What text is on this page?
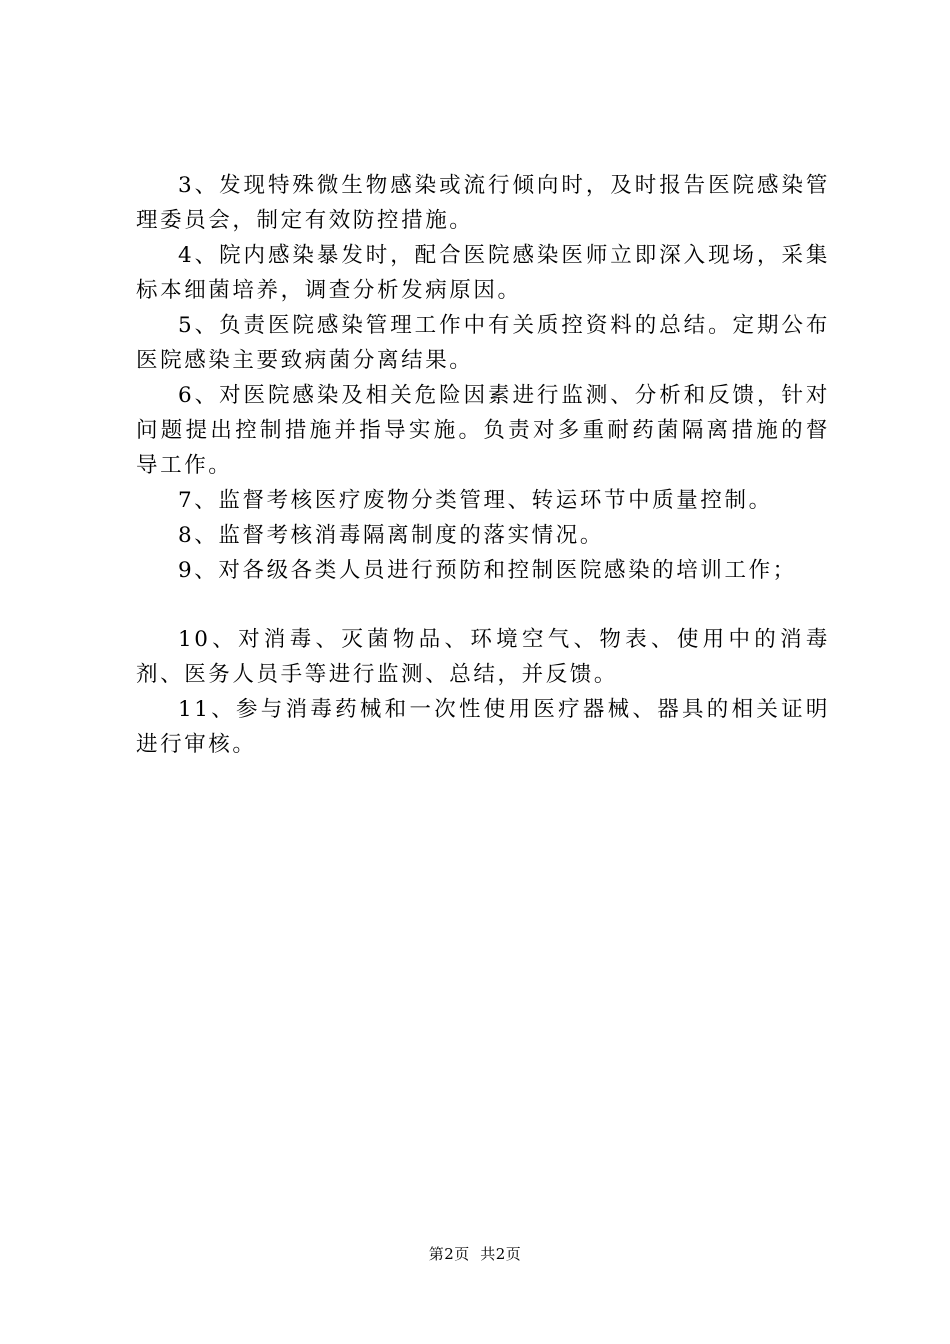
3、发现特殊微生物感染或流行倾向时，及时报告医院感染管理委员会，制定有效防控措施。

4、院内感染暴发时，配合医院感染医师立即深入现场，采集标本细菌培养，调查分析发病原因。

5、负责医院感染管理工作中有关质控资料的总结。定期公布医院感染主要致病菌分离结果。

6、对医院感染及相关危险因素进行监测、分析和反馈，针对问题提出控制措施并指导实施。负责对多重耐药菌隔离措施的督导工作。

7、监督考核医疗废物分类管理、转运环节中质量控制。

8、监督考核消毒隔离制度的落实情况。

9、对各级各类人员进行预防和控制医院感染的培训工作；

10、对消毒、灭菌物品、环境空气、物表、使用中的消毒剂、医务人员手等进行监测、总结，并反馈。

11、参与消毒药械和一次性使用医疗器械、器具的相关证明进行审核。

第2页  共2页
